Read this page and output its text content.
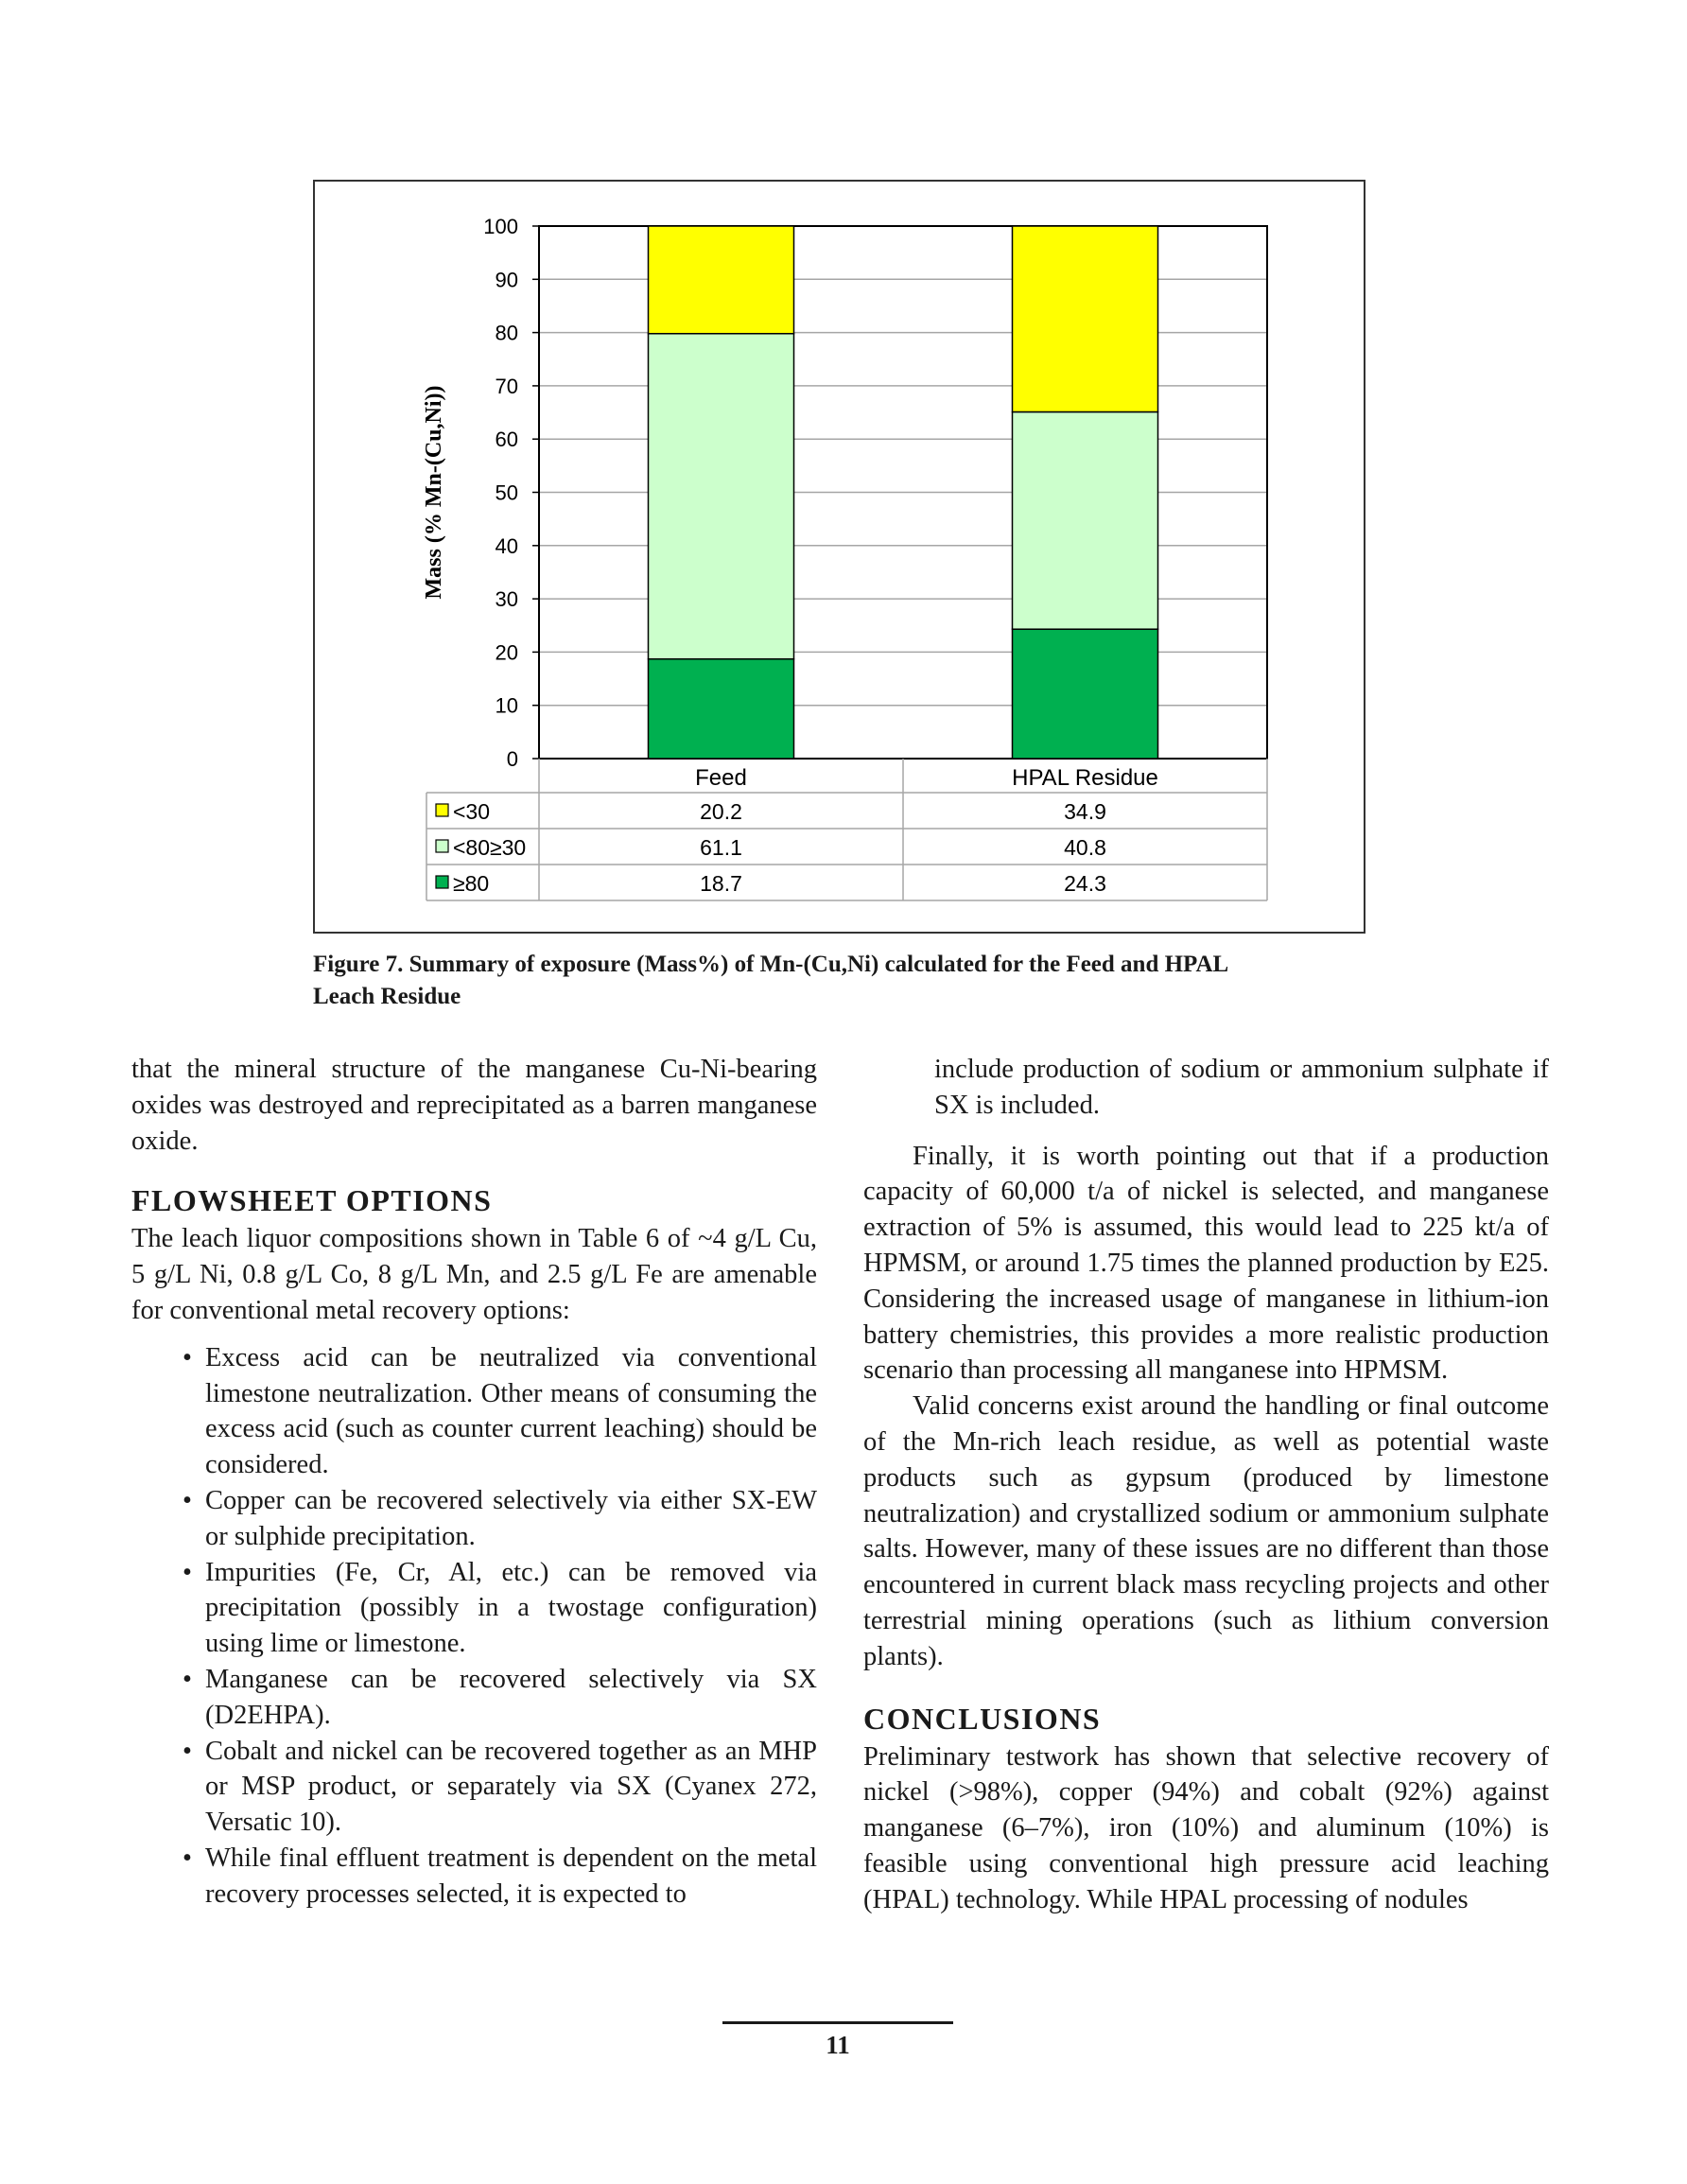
0
10
20
30
40
50
60
70
80
90
100
Mass (% Mn-(Cu,Ni))
Feed	HPAL Residue
<30	20.2	34.9
<80≥30	61.1	40.8
≥80	18.7	24.3
Figure 7. Summary of exposure (Mass%) of Mn-(Cu,Ni) calculated for the Feed and HPAL
Leach Residue

that the mineral structure of the manganese Cu-Ni-bearing oxides was destroyed and reprecipitated as a barren manganese oxide.

FLOWSHEET OPTIONS

The leach liquor compositions shown in Table 6 of ~4 g/L Cu, 5 g/L Ni, 0.8 g/L Co, 8 g/L Mn, and 2.5 g/L Fe are amenable for conventional metal recovery options:

• Excess acid can be neutralized via conventional limestone neutralization. Other means of consuming the excess acid (such as counter current leaching) should be considered.
• Copper can be recovered selectively via either SX-EW or sulphide precipitation.
• Impurities (Fe, Cr, Al, etc.) can be removed via precipitation (possibly in a twostage configuration) using lime or limestone.
• Manganese can be recovered selectively via SX (D2EHPA).
• Cobalt and nickel can be recovered together as an MHP or MSP product, or separately via SX (Cyanex 272, Versatic 10).
• While final effluent treatment is dependent on the metal recovery processes selected, it is expected to

include production of sodium or ammonium sulphate if SX is included.

Finally, it is worth pointing out that if a production capacity of 60,000 t/a of nickel is selected, and manganese extraction of 5% is assumed, this would lead to 225 kt/a of HPMSM, or around 1.75 times the planned production by E25. Considering the increased usage of manganese in lithium-ion battery chemistries, this provides a more realistic production scenario than processing all manganese into HPMSM.

Valid concerns exist around the handling or final outcome of the Mn-rich leach residue, as well as potential waste products such as gypsum (produced by limestone neutralization) and crystallized sodium or ammonium sulphate salts. However, many of these issues are no different than those encountered in current black mass recycling projects and other terrestrial mining operations (such as lithium conversion plants).

CONCLUSIONS

Preliminary testwork has shown that selective recovery of nickel (>98%), copper (94%) and cobalt (92%) against manganese (6–7%), iron (10%) and aluminum (10%) is feasible using conventional high pressure acid leaching (HPAL) technology. While HPAL processing of nodules

11
